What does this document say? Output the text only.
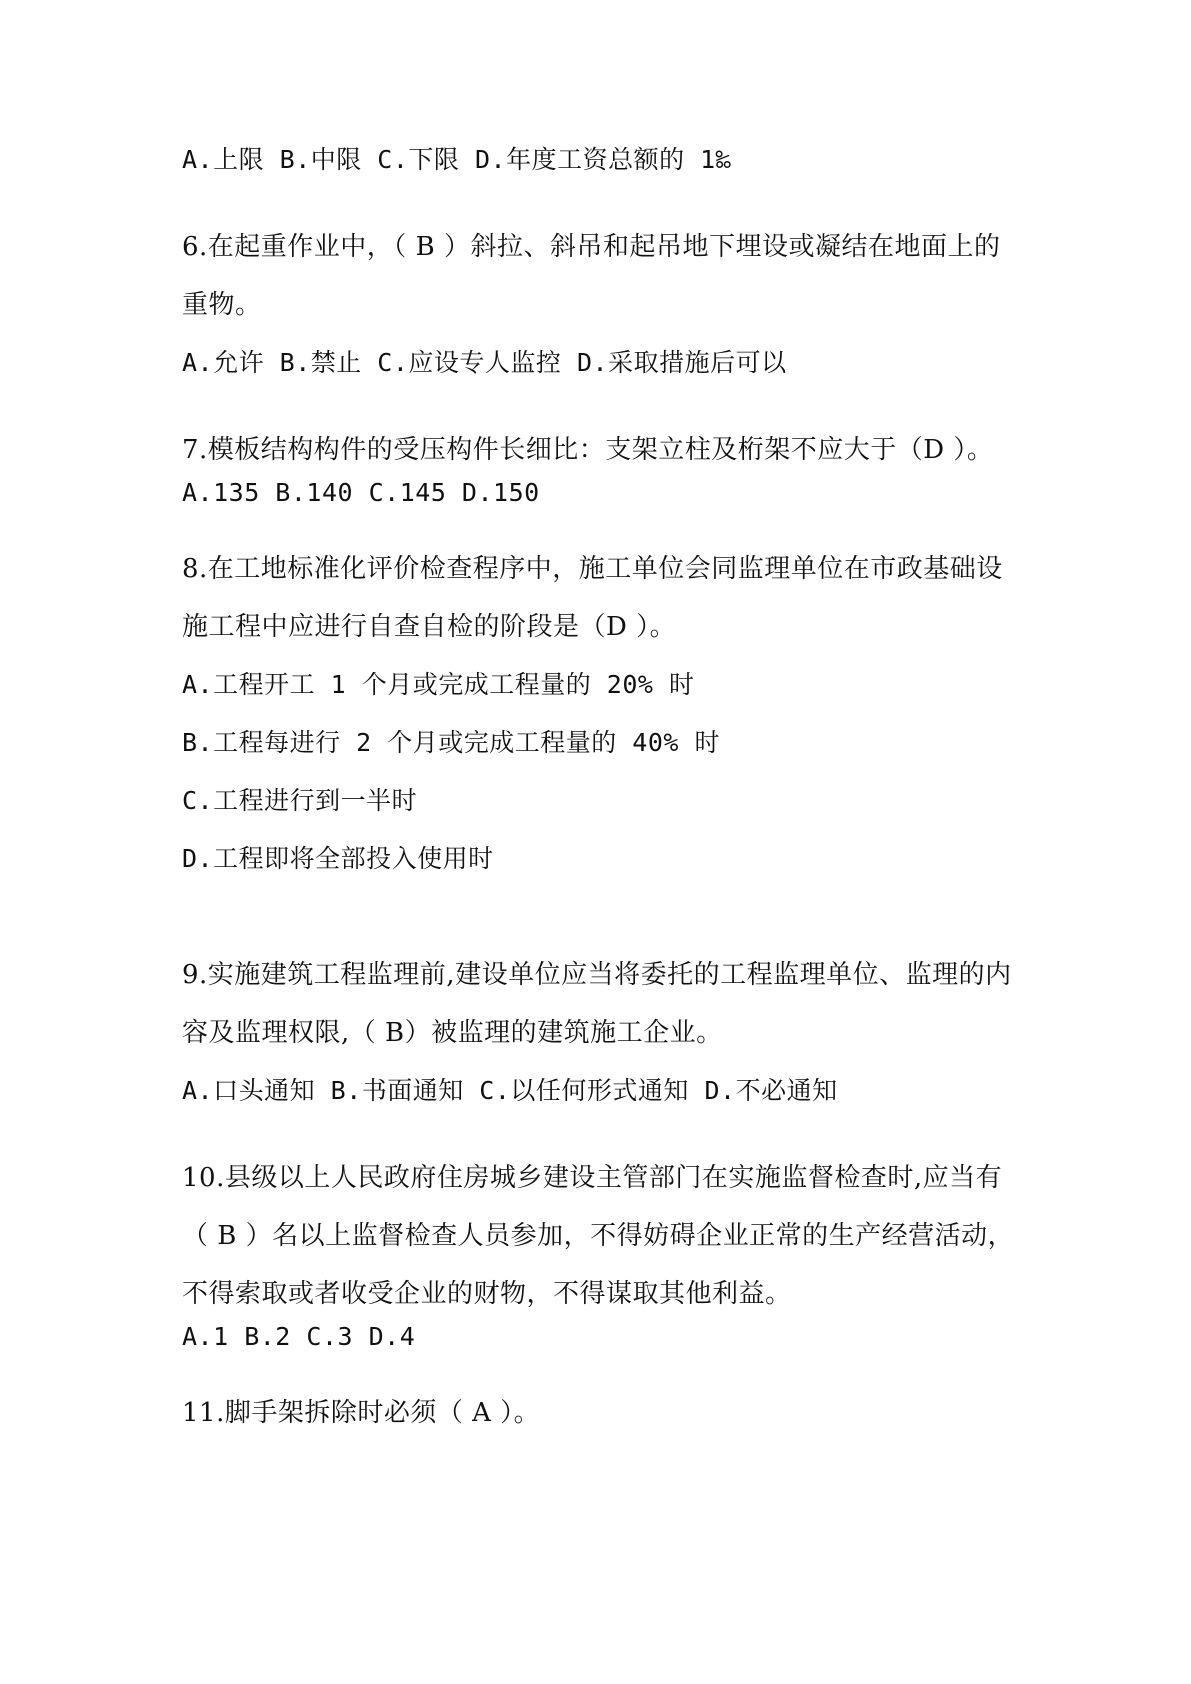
A.上限 B.中限 C.下限 D.年度工资总额的 1‰
6.在起重作业中，（ B ）斜拉、斜吊和起吊地下埋设或凝结在地面上的
重物。
A.允许 B.禁止 C.应设专人监控 D.采取措施后可以
7.模板结构构件的受压构件长细比：支架立柱及桁架不应大于（D ）。
A.135 B.140 C.145 D.150
8.在工地标准化评价检查程序中，施工单位会同监理单位在市政基础设
施工程中应进行自查自检的阶段是（D ）。
A.工程开工 1 个月或完成工程量的 20% 时
B.工程每进行 2 个月或完成工程量的 40% 时
C.工程进行到一半时
D.工程即将全部投入使用时
9.实施建筑工程监理前,建设单位应当将委托的工程监理单位、监理的内
容及监理权限,（ B）被监理的建筑施工企业。
A.口头通知 B.书面通知 C.以任何形式通知 D.不必通知
10.县级以上人民政府住房城乡建设主管部门在实施监督检查时,应当有
（ B ）名以上监督检查人员参加，不得妨碍企业正常的生产经营活动，
不得索取或者收受企业的财物，不得谋取其他利益。
A.1 B.2 C.3 D.4
11.脚手架拆除时必须（ A ）。
